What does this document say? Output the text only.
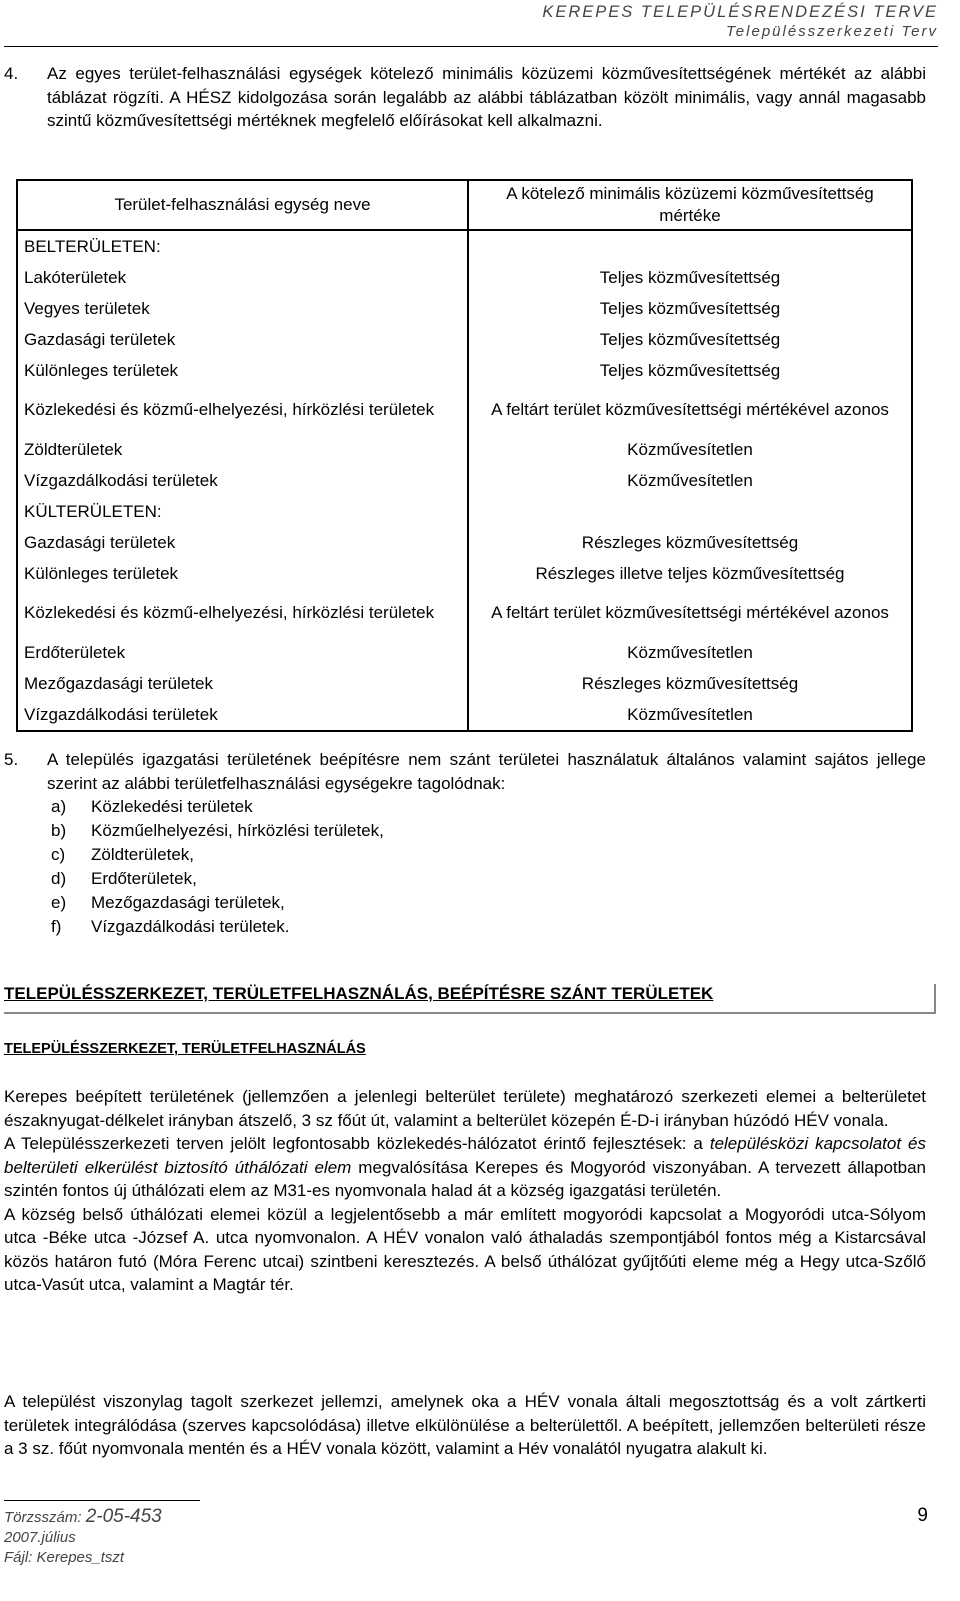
KEREPES TELEPÜLÉSRENDEZÉSI TERVE
Településszerkezeti Terv
4. Az egyes terület-felhasználási egységek kötelező minimális közüzemi közművesítettségének mértékét az alábbi táblázat rögzíti. A HÉSZ kidolgozása során legalább az alábbi táblázatban közölt minimális, vagy annál magasabb szintű közművesítettségi mértéknek megfelelő előírásokat kell alkalmazni.
Terület-felhasználási egység neve	A kötelező minimális közüzemi közművesítettség mértéke
BELTERÜLETEN:	
Lakóterületek	Teljes közművesítettség
Vegyes területek	Teljes közművesítettség
Gazdasági területek	Teljes közművesítettség
Különleges területek	Teljes közművesítettség
Közlekedési és közmű-elhelyezési, hírközlési területek	A feltárt terület közművesítettségi mértékével azonos
Zöldterületek	Közművesítetlen
Vízgazdálkodási területek	Közművesítetlen
KÜLTERÜLETEN:	
Gazdasági területek	Részleges közművesítettség
Különleges területek	Részleges illetve teljes közművesítettség
Közlekedési és közmű-elhelyezési, hírközlési területek	A feltárt terület közművesítettségi mértékével azonos
Erdőterületek	Közművesítetlen
Mezőgazdasági területek	Részleges közművesítettség
Vízgazdálkodási területek	Közművesítetlen
5. A település igazgatási területének beépítésre nem szánt területei használatuk általános valamint sajátos jellege szerint az alábbi területfelhasználási egységekre tagolódnak:
a)	Közlekedési területek
b)	Közműelhelyezési, hírközlési területek,
c)	Zöldterületek,
d)	Erdőterületek,
e)	Mezőgazdasági területek,
f)	Vízgazdálkodási területek.
TELEPÜLÉSSZERKEZET, TERÜLETFELHASZNÁLÁS, BEÉPÍTÉSRE SZÁNT TERÜLETEK
TELEPÜLÉSSZERKEZET, TERÜLETFELHASZNÁLÁS

Kerepes beépített területének (jellemzően a jelenlegi belterület területe) meghatározó szerkezeti elemei a belterületet északnyugat-délkelet irányban átszelő, 3 sz főút út, valamint a belterület közepén É-D-i irányban húzódó HÉV vonala.

A Településszerkezeti terven jelölt legfontosabb közlekedés-hálózatot érintő fejlesztések: a településközi kapcsolatot és belterületi elkerülést biztosító úthálózati elem megvalósítása Kerepes és Mogyoród viszonyában. A tervezett állapotban szintén fontos új úthálózati elem az M31-es nyomvonala halad át a község igazgatási területén.

A község belső úthálózati elemei közül a legjelentősebb a már említett mogyoródi kapcsolat a Mogyoródi utca-Sólyom utca -Béke utca -József A. utca nyomvonalon. A HÉV vonalon való áthaladás szempontjából fontos még a Kistarcsával közös határon futó (Móra Ferenc utcai) szintbeni keresztezés. A belső úthálózat gyűjtőúti eleme még a Hegy utca-Szőlő utca-Vasút utca, valamint a Magtár tér.

A települést viszonylag tagolt szerkezet jellemzi, amelynek oka a HÉV vonala általi megosztottság és a volt zártkerti területek integrálódása (szerves kapcsolódása) illetve elkülönülése a belterülettől. A beépített, jellemzően belterületi része a 3 sz. főút nyomvonala mentén és a HÉV vonala között, valamint a Hév vonalától nyugatra alakult ki.

Törzsszám: 2-05-453
2007.július
Fájl: Kerepes_tszt
9
